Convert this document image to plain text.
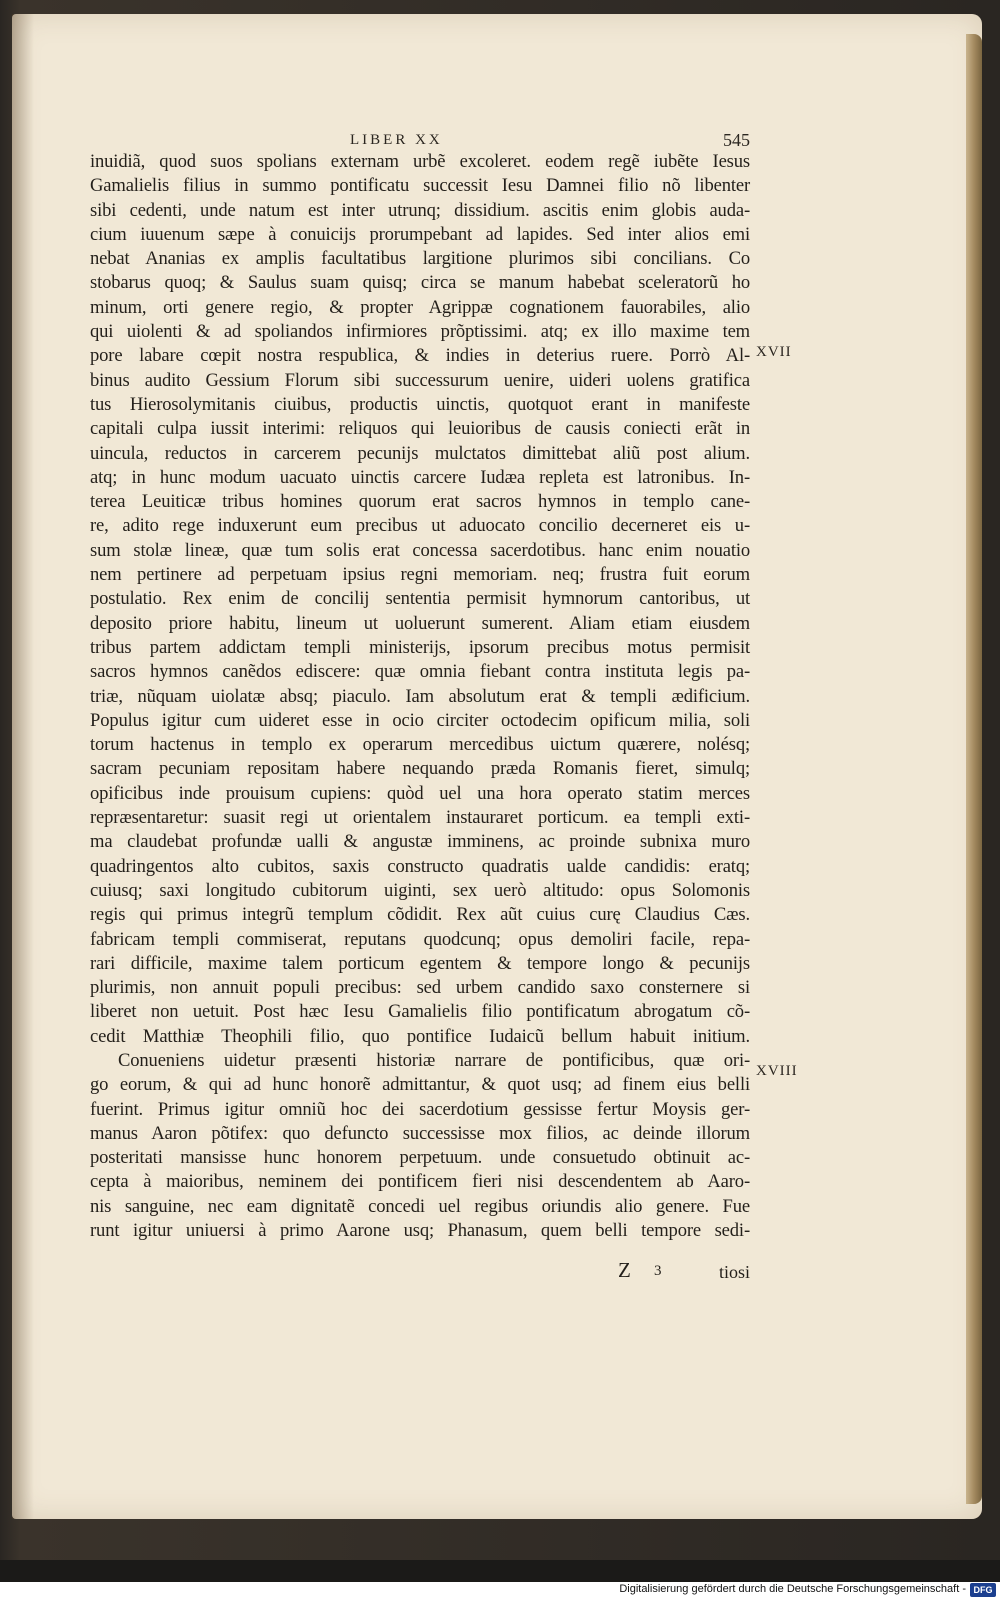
LIBER XX	545
inuidiã, quod suos spolians externam urbẽ excoleret. eodem regẽ iubẽte Iesus
Gamalielis filius in summo pontificatu successit Iesu Damnei filio nõ libenter
sibi cedenti, unde natum est inter utrunq; dissidium. ascitis enim globis auda-
cium iuuenum sæpe à conuicijs prorumpebant ad lapides. Sed inter alios emi
nebat Ananias ex amplis facultatibus largitione plurimos sibi concilians. Co
stobarus quoq; & Saulus suam quisq; circa se manum habebat sceleratorũ ho
minum, orti genere regio, & propter Agrippæ cognationem fauorabiles, alio
qui uiolenti & ad spoliandos infirmiores prõptissimi. atq; ex illo maxime tem
pore labare cœpit nostra respublica, & indies in deterius ruere. Porrò Al-
binus audito Gessium Florum sibi successurum uenire, uideri uolens gratifica
tus Hierosolymitanis ciuibus, productis uinctis, quotquot erant in manifeste
capitali culpa iussit interimi: reliquos qui leuioribus de causis coniecti erãt in
uincula, reductos in carcerem pecunijs mulctatos dimittebat aliũ post alium.
atq; in hunc modum uacuato uinctis carcere Iudæa repleta est latronibus. In-
terea Leuiticæ tribus homines quorum erat sacros hymnos in templo cane-
re, adito rege induxerunt eum precibus ut aduocato concilio decerneret eis u-
sum stolæ lineæ, quæ tum solis erat concessa sacerdotibus. hanc enim nouatio
nem pertinere ad perpetuam ipsius regni memoriam. neq; frustra fuit eorum
postulatio. Rex enim de concilij sententia permisit hymnorum cantoribus, ut
deposito priore habitu, lineum ut uoluerunt sumerent. Aliam etiam eiusdem
tribus partem addictam templi ministerijs, ipsorum precibus motus permisit
sacros hymnos canẽdos ediscere: quæ omnia fiebant contra instituta legis pa-
triæ, nũquam uiolatæ absq; piaculo. Iam absolutum erat & templi ædificium.
Populus igitur cum uideret esse in ocio circiter octodecim opificum milia, soli
torum hactenus in templo ex operarum mercedibus uictum quærere, nolésq;
sacram pecuniam repositam habere nequando præda Romanis fieret, simulq;
opificibus inde prouisum cupiens: quòd uel una hora operato statim merces
repræsentaretur: suasit regi ut orientalem instauraret porticum. ea templi exti-
ma claudebat profundæ ualli & angustæ imminens, ac proinde subnixa muro
quadringentos alto cubitos, saxis constructo quadratis ualde candidis: eratq;
cuiusq; saxi longitudo cubitorum uiginti, sex uerò altitudo: opus Solomonis
regis qui primus integrũ templum cõdidit. Rex aũt cuius curę Claudius Cæs.
fabricam templi commiserat, reputans quodcunq; opus demoliri facile, repa-
rari difficile, maxime talem porticum egentem & tempore longo & pecunijs
plurimis, non annuit populi precibus: sed urbem candido saxo consternere si
liberet non uetuit. Post hæc Iesu Gamalielis filio pontificatum abrogatum cõ-
cedit Matthiæ Theophili filio, quo pontifice Iudaicũ bellum habuit initium.
Conueniens uidetur præsenti historiæ narrare de pontificibus, quæ ori-
go eorum, & qui ad hunc honorẽ admittantur, & quot usq; ad finem eius belli
fuerint. Primus igitur omniũ hoc dei sacerdotium gessisse fertur Moysis ger-
manus Aaron põtifex: quo defuncto successisse mox filios, ac deinde illorum
posteritati mansisse hunc honorem perpetuum. unde consuetudo obtinuit ac-
cepta à maioribus, neminem dei pontificem fieri nisi descendentem ab Aaro-
nis sanguine, nec eam dignitatẽ concedi uel regibus oriundis alio genere. Fue
runt igitur uniuersi à primo Aarone usq; Phanasum, quem belli tempore sedi-
XVII
XVIII
Z 3	tiosi
Digitalisierung gefördert durch die Deutsche Forschungsgemeinschaft - DFG
